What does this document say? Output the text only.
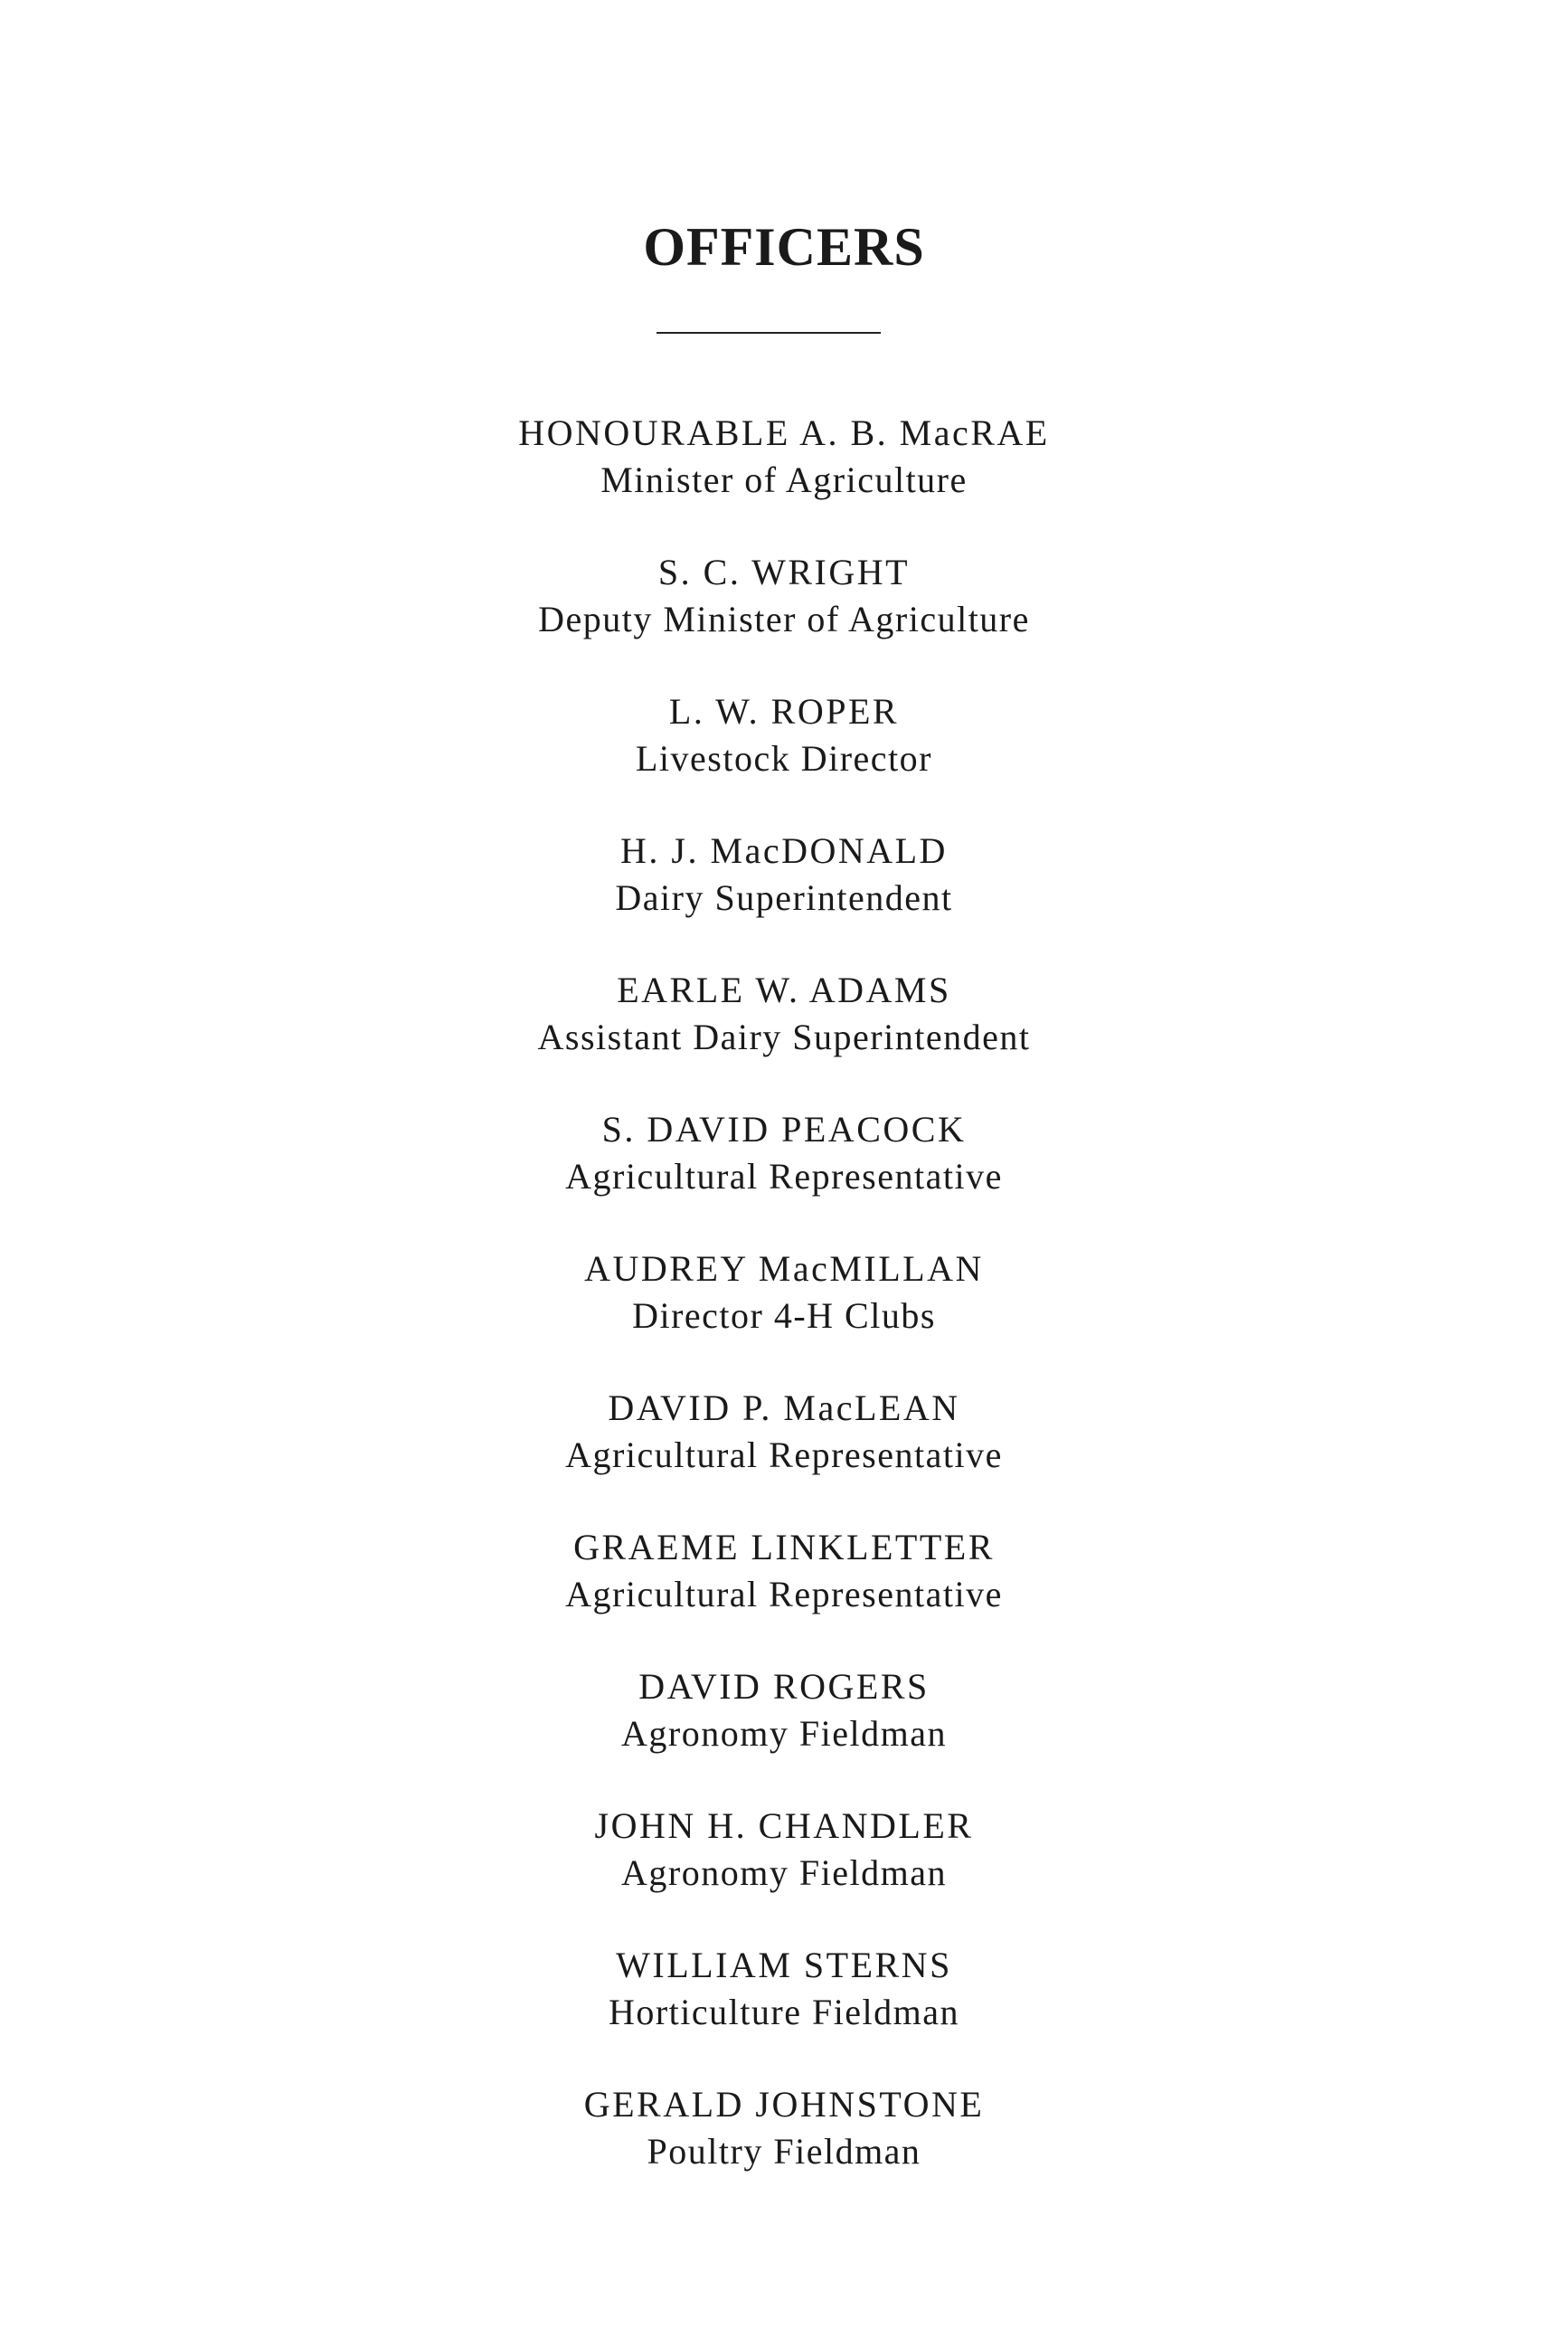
OFFICERS
HONOURABLE A. B. MacRAE
Minister of Agriculture
S. C. WRIGHT
Deputy Minister of Agriculture
L. W. ROPER
Livestock Director
H. J. MacDONALD
Dairy Superintendent
EARLE W. ADAMS
Assistant Dairy Superintendent
S. DAVID PEACOCK
Agricultural Representative
AUDREY MacMILLAN
Director 4-H Clubs
DAVID P. MacLEAN
Agricultural Representative
GRAEME LINKLETTER
Agricultural Representative
DAVID ROGERS
Agronomy Fieldman
JOHN H. CHANDLER
Agronomy Fieldman
WILLIAM STERNS
Horticulture Fieldman
GERALD JOHNSTONE
Poultry Fieldman
